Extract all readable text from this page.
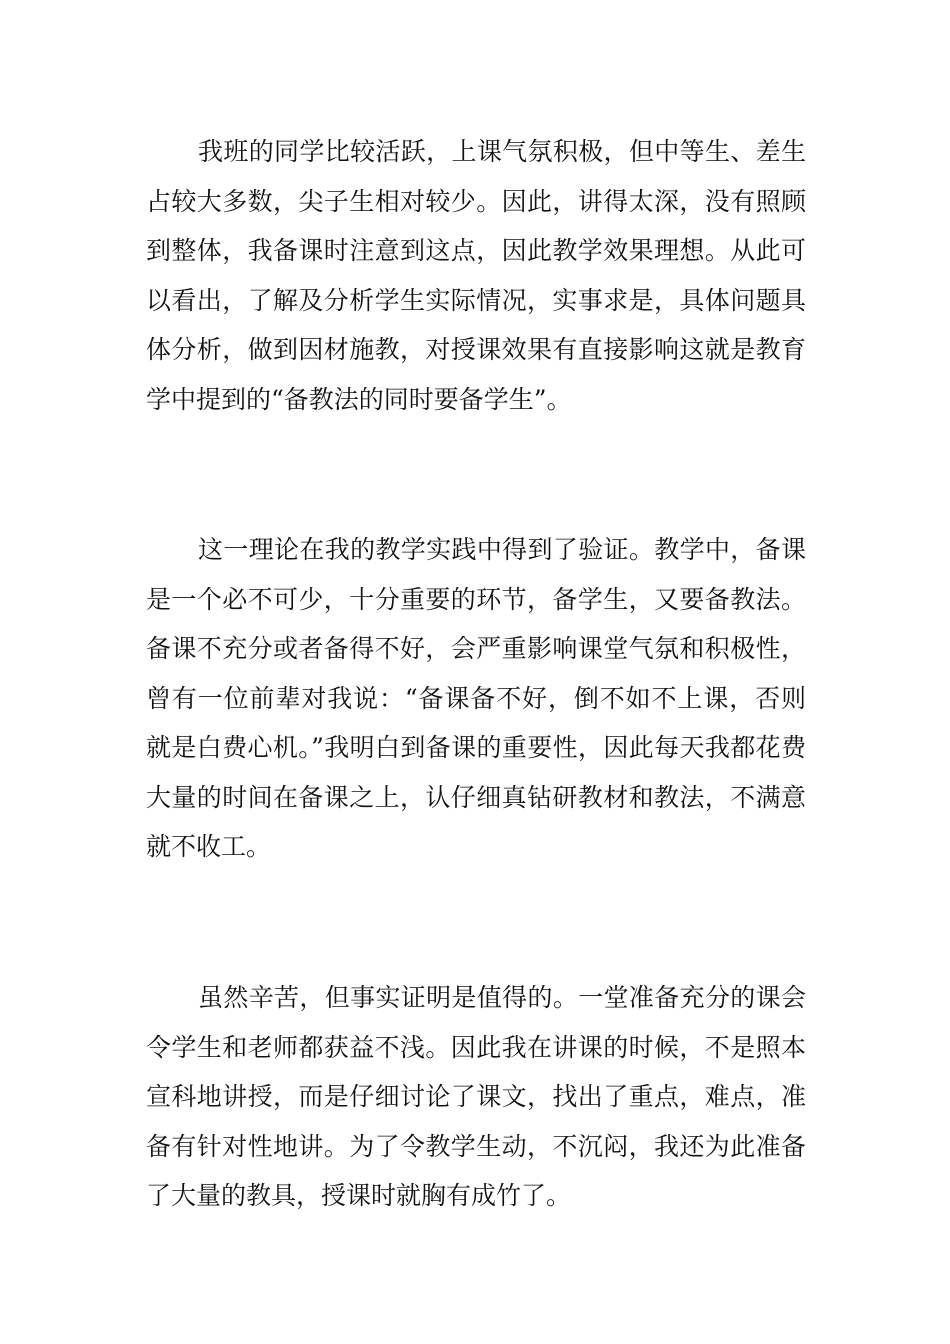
我班的同学比较活跃，上课气氛积极，但中等生、差生占较大多数，尖子生相对较少。因此，讲得太深，没有照顾到整体，我备课时注意到这点，因此教学效果理想。从此可以看出，了解及分析学生实际情况，实事求是，具体问题具体分析，做到因材施教，对授课效果有直接影响这就是教育学中提到的“备教法的同时要备学生”。

这一理论在我的教学实践中得到了验证。教学中，备课是一个必不可少，十分重要的环节，备学生，又要备教法。备课不充分或者备得不好，会严重影响课堂气氛和积极性，曾有一位前辈对我说：“备课备不好，倒不如不上课，否则就是白费心机。”我明白到备课的重要性，因此每天我都花费大量的时间在备课之上，认仔细真钻研教材和教法，不满意就不收工。

虽然辛苦，但事实证明是值得的。一堂准备充分的课会令学生和老师都获益不浅。因此我在讲课的时候，不是照本宣科地讲授，而是仔细讨论了课文，找出了重点，难点，准备有针对性地讲。为了令教学生动，不沉闷，我还为此准备了大量的教具，授课时就胸有成竹了。
